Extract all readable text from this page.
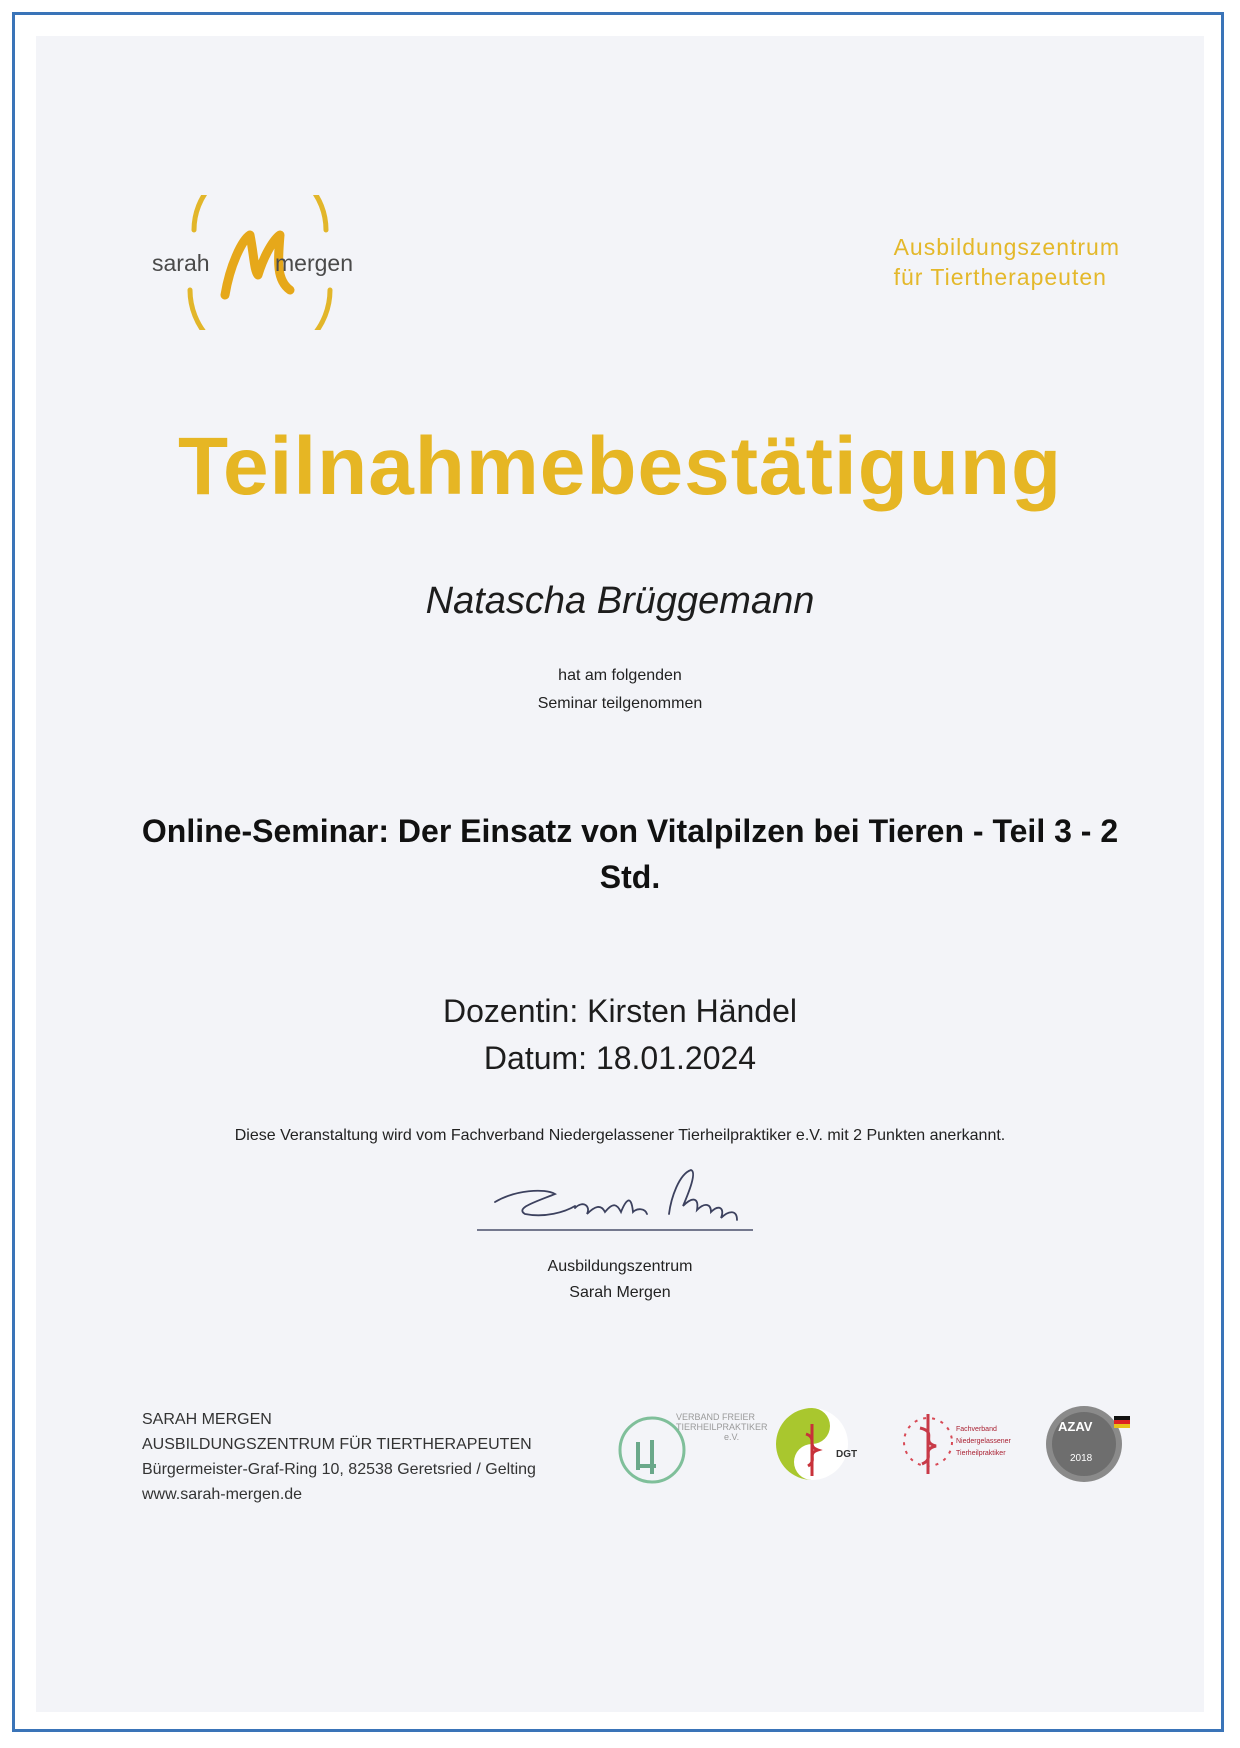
sarah	mergen
Ausbildungszentrum
für Tiertherapeuten
Teilnahmebestätigung
Natascha Brüggemann
hat am folgenden
Seminar teilgenommen
Online-Seminar: Der Einsatz von Vitalpilzen bei Tieren - Teil 3 - 2
Std.
Dozentin: Kirsten Händel
Datum: 18.01.2024
Diese Veranstaltung wird vom Fachverband Niedergelassener Tierheilpraktiker e.V. mit 2 Punkten anerkannt.
Ausbildungszentrum
Sarah Mergen
SARAH MERGEN
AUSBILDUNGSZENTRUM FÜR TIERTHERAPEUTEN
Bürgermeister-Graf-Ring 10, 82538 Geretsried / Gelting
www.sarah-mergen.de
VERBAND FREIER
TIERHEILPRAKTIKER
e.V.
DGT
Fachverband
Niedergelassener
Tierheilpraktiker
AZAV
2018
